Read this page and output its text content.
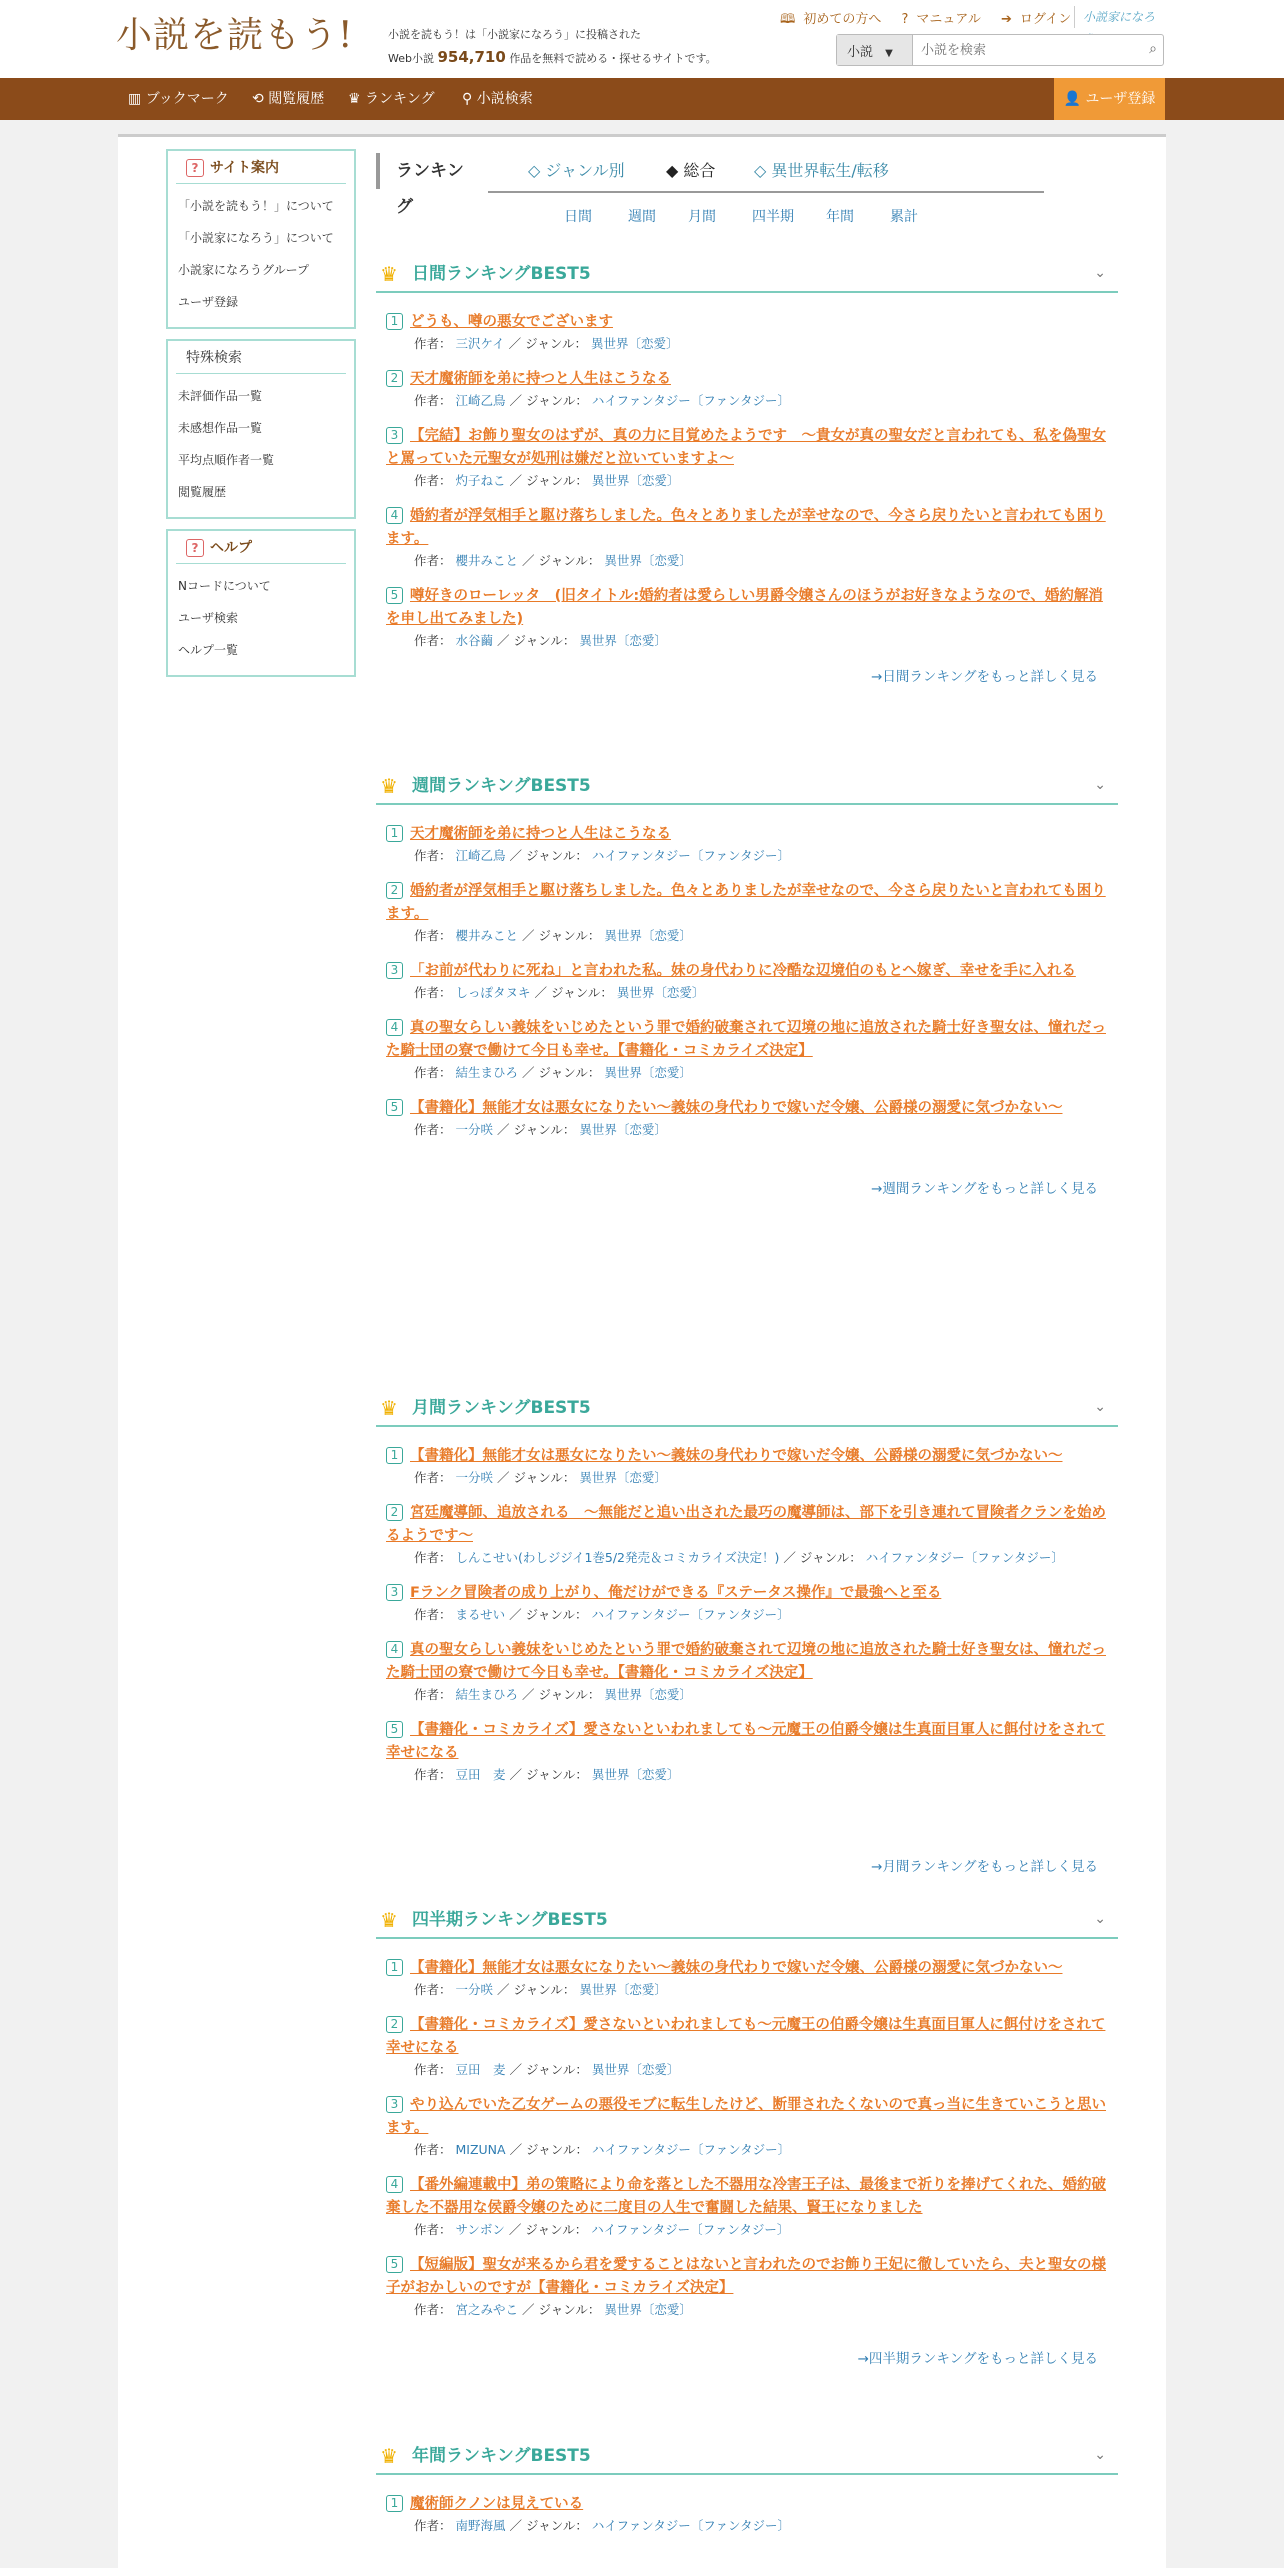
小説を読もう!	小説を読もう！は「小説家になろう」に投稿された
Web小説 954,710 作品を無料で読める・探せるサイトです。
🕮 初めての方へ ? マニュアル ➔ ログイン 小説家になろ
小説 ▼
小説を検索	⌕
▥ ブックマーク ⟲ 閲覧履歴 ♛ ランキング ⚲ 小説検索	👤 ユーザ登録
? サイト案内
「小説を読もう！」について
「小説家になろう」について
小説家になろうグループ
ユーザ登録
特殊検索
未評価作品一覧
未感想作品一覧
平均点順作者一覧
閲覧履歴
? ヘルプ
Nコードについて
ユーザ検索
ヘルプ一覧
ランキング
◇ ジャンル別	◆ 総合 ◇ 異世界転生/転移
日間	週間 月間	四半期 年間	累計
♛ 日間ランキングBEST5	⌄
1 どうも、噂の悪女でございます
作者： 三沢ケイ ／ ジャンル： 異世界〔恋愛〕
2 天才魔術師を弟に持つと人生はこうなる
作者： 江崎乙鳥 ／ ジャンル： ハイファンタジー〔ファンタジー〕
3 【完結】お飾り聖女のはずが、真の力に目覚めたようです　～貴女が真の聖女だと言われても、私を偽聖女と罵っていた元聖女が処刑は嫌だと泣いていますよ～
作者： 灼子ねこ ／ ジャンル： 異世界〔恋愛〕
4 婚約者が浮気相手と駆け落ちしました。色々とありましたが幸せなので、今さら戻りたいと言われても困ります。
作者： 櫻井みこと ／ ジャンル： 異世界〔恋愛〕
5 噂好きのローレッタ　(旧タイトル:婚約者は愛らしい男爵令嬢さんのほうがお好きなようなので、婚約解消を申し出てみました)
作者： 水谷繭 ／ ジャンル： 異世界〔恋愛〕
→日間ランキングをもっと詳しく見る
♛ 週間ランキングBEST5	⌄
1 天才魔術師を弟に持つと人生はこうなる
作者： 江崎乙鳥 ／ ジャンル： ハイファンタジー〔ファンタジー〕
2 婚約者が浮気相手と駆け落ちしました。色々とありましたが幸せなので、今さら戻りたいと言われても困ります。
作者： 櫻井みこと ／ ジャンル： 異世界〔恋愛〕
3 「お前が代わりに死ね」と言われた私。妹の身代わりに冷酷な辺境伯のもとへ嫁ぎ、幸せを手に入れる
作者： しっぽタヌキ ／ ジャンル： 異世界〔恋愛〕
4 真の聖女らしい義妹をいじめたという罪で婚約破棄されて辺境の地に追放された騎士好き聖女は、憧れだった騎士団の寮で働けて今日も幸せ。【書籍化・コミカライズ決定】
作者： 結生まひろ ／ ジャンル： 異世界〔恋愛〕
5 【書籍化】無能才女は悪女になりたい～義妹の身代わりで嫁いだ令嬢、公爵様の溺愛に気づかない～
作者： 一分咲 ／ ジャンル： 異世界〔恋愛〕
→週間ランキングをもっと詳しく見る
♛ 月間ランキングBEST5	⌄
1 【書籍化】無能才女は悪女になりたい～義妹の身代わりで嫁いだ令嬢、公爵様の溺愛に気づかない～
作者： 一分咲 ／ ジャンル： 異世界〔恋愛〕
2 宮廷魔導師、追放される　～無能だと追い出された最巧の魔導師は、部下を引き連れて冒険者クランを始めるようです～
作者： しんこせい(わしジジイ1巻5/2発売＆コミカライズ決定！) ／ ジャンル： ハイファンタジー〔ファンタジー〕
3 Fランク冒険者の成り上がり、俺だけができる『ステータス操作』で最強へと至る
作者： まるせい ／ ジャンル： ハイファンタジー〔ファンタジー〕
4 真の聖女らしい義妹をいじめたという罪で婚約破棄されて辺境の地に追放された騎士好き聖女は、憧れだった騎士団の寮で働けて今日も幸せ。【書籍化・コミカライズ決定】
作者： 結生まひろ ／ ジャンル： 異世界〔恋愛〕
5 【書籍化・コミカライズ】愛さないといわれましても～元魔王の伯爵令嬢は生真面目軍人に餌付けをされて幸せになる
作者： 豆田　麦 ／ ジャンル： 異世界〔恋愛〕
→月間ランキングをもっと詳しく見る
♛ 四半期ランキングBEST5	⌄
1 【書籍化】無能才女は悪女になりたい～義妹の身代わりで嫁いだ令嬢、公爵様の溺愛に気づかない～
作者： 一分咲 ／ ジャンル： 異世界〔恋愛〕
2 【書籍化・コミカライズ】愛さないといわれましても～元魔王の伯爵令嬢は生真面目軍人に餌付けをされて幸せになる
作者： 豆田　麦 ／ ジャンル： 異世界〔恋愛〕
3 やり込んでいた乙女ゲームの悪役モブに転生したけど、断罪されたくないので真っ当に生きていこうと思います。
作者： MIZUNA ／ ジャンル： ハイファンタジー〔ファンタジー〕
4 【番外編連載中】弟の策略により命を落とした不器用な冷害王子は、最後まで祈りを捧げてくれた、婚約破棄した不器用な侯爵令嬢のために二度目の人生で奮闘した結果、賢王になりました
作者： サンボン ／ ジャンル： ハイファンタジー〔ファンタジー〕
5 【短編版】聖女が来るから君を愛することはないと言われたのでお飾り王妃に徹していたら、夫と聖女の様子がおかしいのですが【書籍化・コミカライズ決定】
作者： 宮之みやこ ／ ジャンル： 異世界〔恋愛〕
→四半期ランキングをもっと詳しく見る
♛ 年間ランキングBEST5	⌄
1 魔術師クノンは見えている
作者： 南野海風 ／ ジャンル： ハイファンタジー〔ファンタジー〕
